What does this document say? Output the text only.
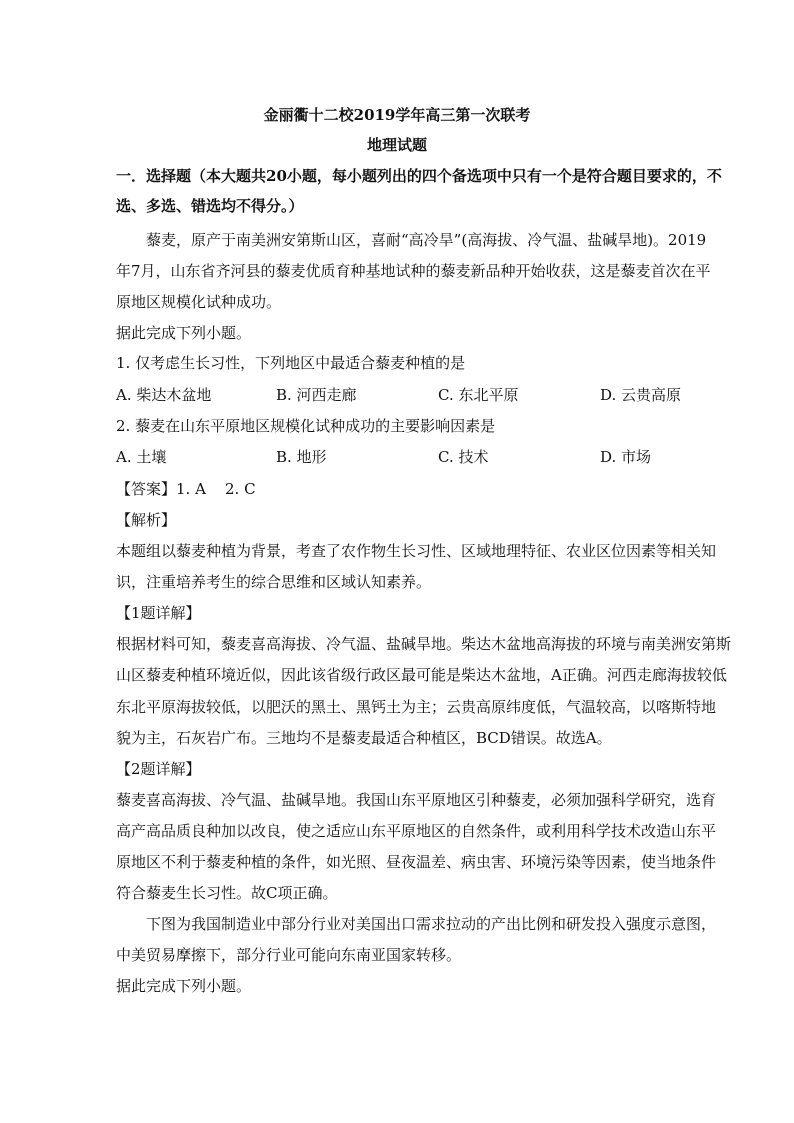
金丽衢十二校2019学年高三第一次联考
地理试题
一．选择题（本大题共20小题，每小题列出的四个备选项中只有一个是符合题目要求的，不
选、多选、错选均不得分。）
藜麦，原产于南美洲安第斯山区，喜耐“高冷旱”(高海拔、冷气温、盐碱旱地)。2019
年7月，山东省齐河县的藜麦优质育种基地试种的藜麦新品种开始收获，这是藜麦首次在平
原地区规模化试种成功。
据此完成下列小题。
1. 仅考虑生长习性，下列地区中最适合藜麦种植的是
A. 柴达木盆地	B. 河西走廊	C. 东北平原	D. 云贵高原
2. 藜麦在山东平原地区规模化试种成功的主要影响因素是
A. 土壤	B. 地形	C. 技术	D. 市场
【答案】1. A    2. C
【解析】
本题组以藜麦种植为背景，考查了农作物生长习性、区域地理特征、农业区位因素等相关知
识，注重培养考生的综合思维和区域认知素养。
【1题详解】
根据材料可知，藜麦喜高海拔、冷气温、盐碱旱地。柴达木盆地高海拔的环境与南美洲安第斯
山区藜麦种植环境近似，因此该省级行政区最可能是柴达木盆地，A正确。河西走廊海拔较低
东北平原海拔较低，以肥沃的黑土、黑钙土为主；云贵高原纬度低，气温较高，以喀斯特地
貌为主，石灰岩广布。三地均不是藜麦最适合种植区，BCD错误。故选A。
【2题详解】
藜麦喜高海拔、冷气温、盐碱旱地。我国山东平原地区引种藜麦，必须加强科学研究，选育
高产高品质良种加以改良，使之适应山东平原地区的自然条件，或利用科学技术改造山东平
原地区不利于藜麦种植的条件，如光照、昼夜温差、病虫害、环境污染等因素，使当地条件
符合藜麦生长习性。故C项正确。
下图为我国制造业中部分行业对美国出口需求拉动的产出比例和研发投入强度示意图，
中美贸易摩擦下，部分行业可能向东南亚国家转移。
据此完成下列小题。
